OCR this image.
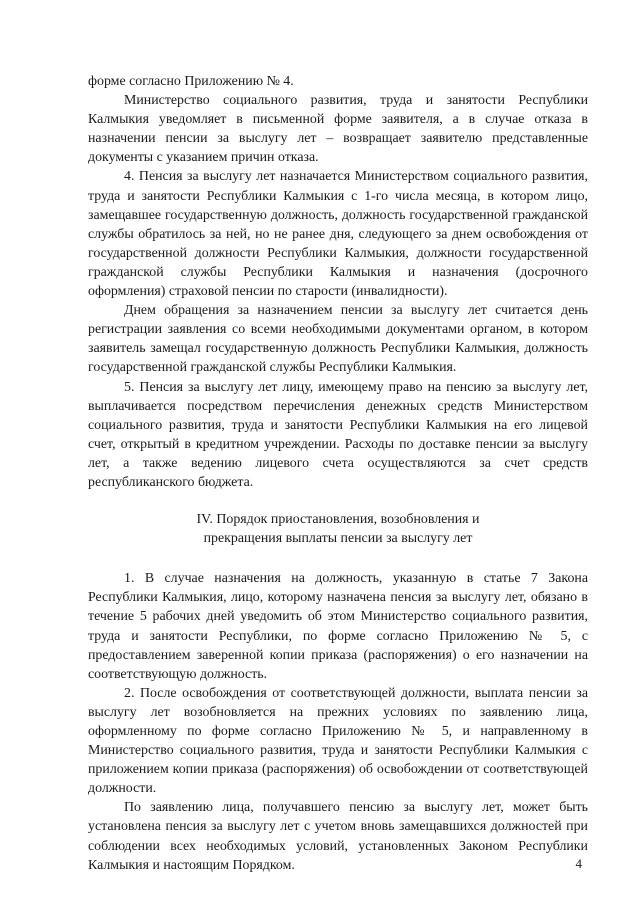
форме согласно Приложению № 4.

Министерство социального развития, труда и занятости Республики Калмыкия уведомляет в письменной форме заявителя, а в случае отказа в назначении пенсии за выслугу лет – возвращает заявителю представленные документы с указанием причин отказа.

4. Пенсия за выслугу лет назначается Министерством социального развития, труда и занятости Республики Калмыкия с 1-го числа месяца, в котором лицо, замещавшее государственную должность, должность государственной гражданской службы обратилось за ней, но не ранее дня, следующего за днем освобождения от государственной должности Республики Калмыкия, должности государственной гражданской службы Республики Калмыкия и назначения (досрочного оформления) страховой пенсии по старости (инвалидности).

Днем обращения за назначением пенсии за выслугу лет считается день регистрации заявления со всеми необходимыми документами органом, в котором заявитель замещал государственную должность Республики Калмыкия, должность государственной гражданской службы Республики Калмыкия.

5. Пенсия за выслугу лет лицу, имеющему право на пенсию за выслугу лет, выплачивается посредством перечисления денежных средств Министерством социального развития, труда и занятости Республики Калмыкия на его лицевой счет, открытый в кредитном учреждении. Расходы по доставке пенсии за выслугу лет, а также ведению лицевого счета осуществляются за счет средств республиканского бюджета.

IV. Порядок приостановления, возобновления и
прекращения выплаты пенсии за выслугу лет

1. В случае назначения на должность, указанную в статье 7 Закона Республики Калмыкия, лицо, которому назначена пенсия за выслугу лет, обязано в течение 5 рабочих дней уведомить об этом Министерство социального развития, труда и занятости Республики, по форме согласно Приложению № 5, с предоставлением заверенной копии приказа (распоряжения) о его назначении на соответствующую должность.

2. После освобождения от соответствующей должности, выплата пенсии за выслугу лет возобновляется на прежних условиях по заявлению лица, оформленному по форме согласно Приложению № 5, и направленному в Министерство социального развития, труда и занятости Республики Калмыкия с приложением копии приказа (распоряжения) об освобождении от соответствующей должности.

По заявлению лица, получавшего пенсию за выслугу лет, может быть установлена пенсия за выслугу лет с учетом вновь замещавшихся должностей при соблюдении всех необходимых условий, установленных Законом Республики Калмыкия и настоящим Порядком.	4
